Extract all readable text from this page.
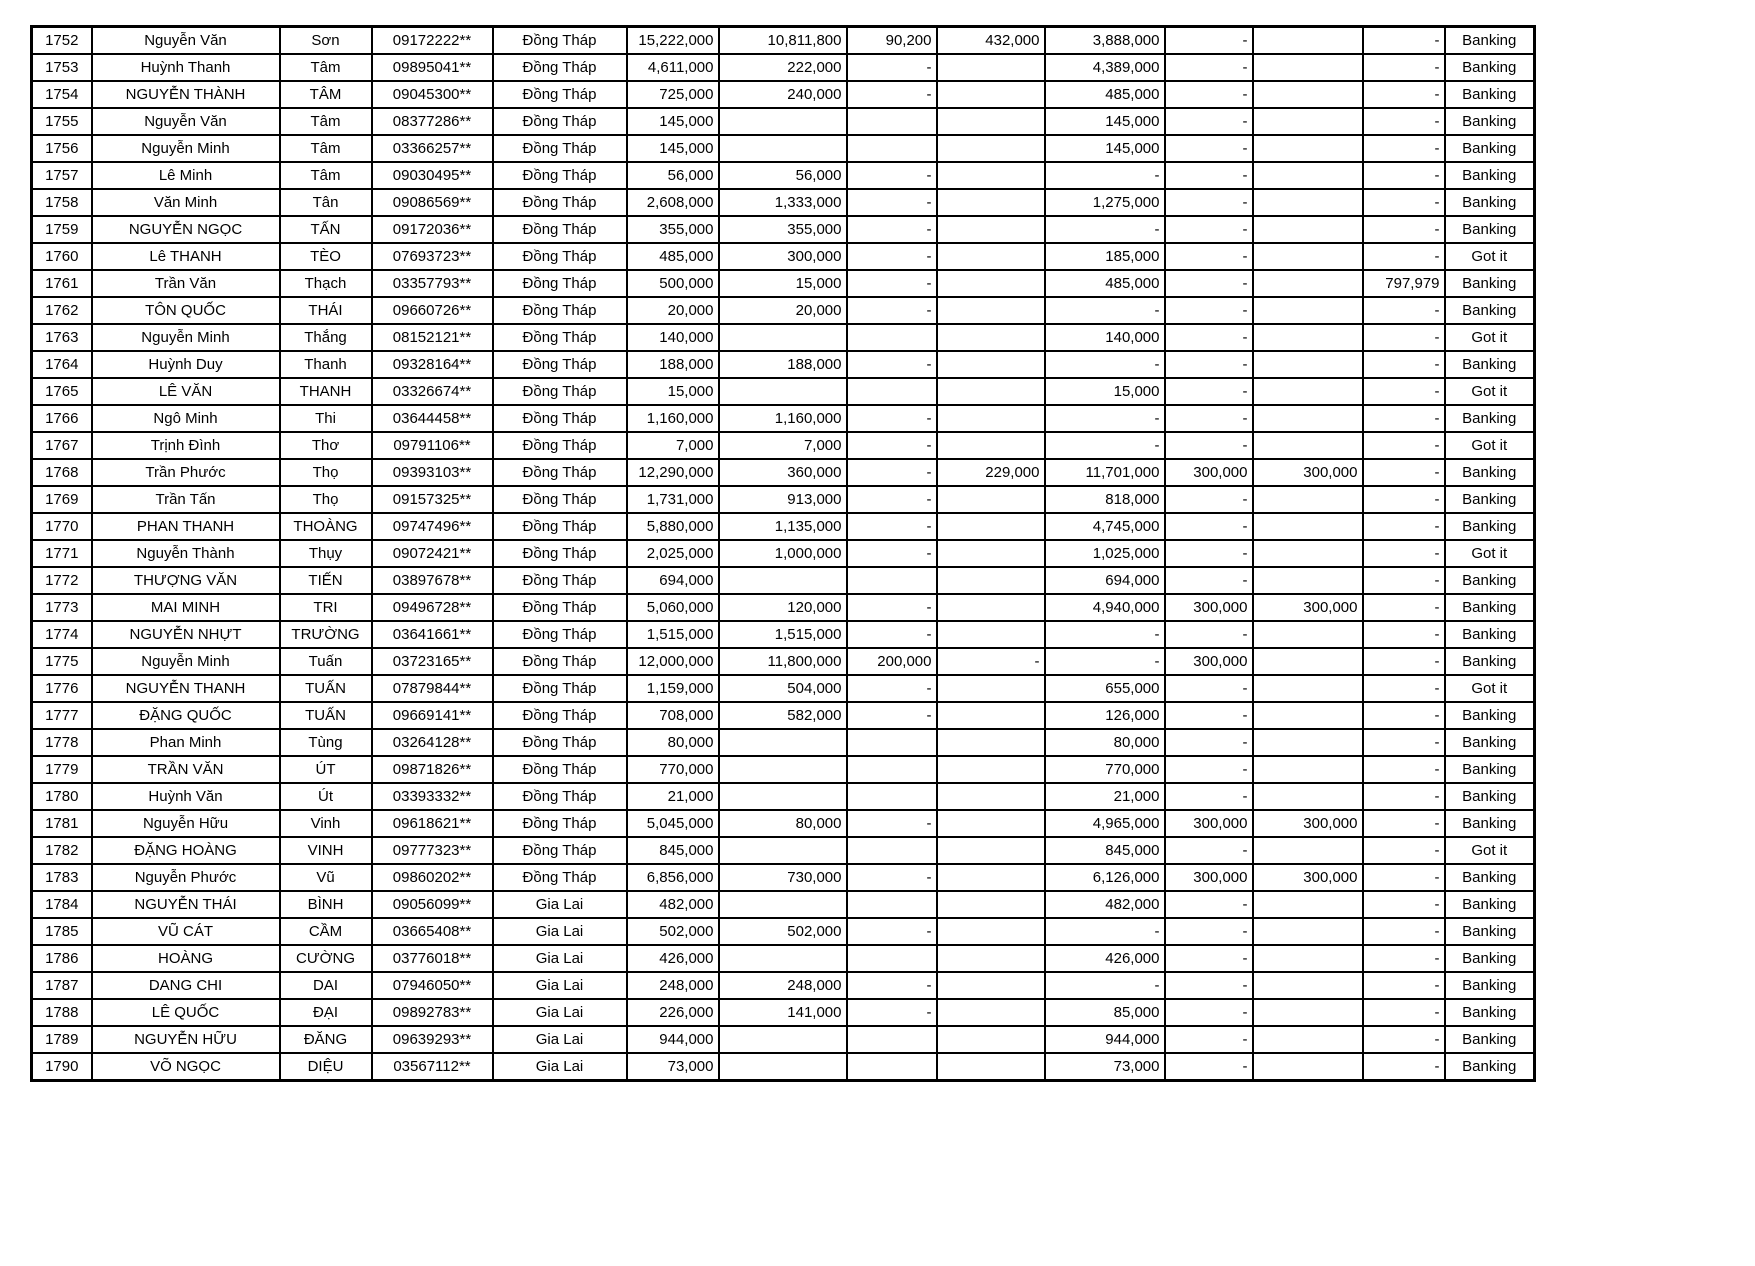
1752	Nguyễn Văn	Sơn	09172222**	Đồng Tháp	15,222,000	10,811,800	90,200	432,000	3,888,000	-		-	Banking
1753	Huỳnh Thanh	Tâm	09895041**	Đồng Tháp	4,611,000	222,000	-		4,389,000	-		-	Banking
1754	NGUYỄN THÀNH	TÂM	09045300**	Đồng Tháp	725,000	240,000	-		485,000	-		-	Banking
1755	Nguyễn Văn	Tâm	08377286**	Đồng Tháp	145,000				145,000	-		-	Banking
1756	Nguyễn Minh	Tâm	03366257**	Đồng Tháp	145,000				145,000	-		-	Banking
1757	Lê Minh	Tâm	09030495**	Đồng Tháp	56,000	56,000	-		-	-		-	Banking
1758	Văn Minh	Tân	09086569**	Đồng Tháp	2,608,000	1,333,000	-		1,275,000	-		-	Banking
1759	NGUYỄN NGỌC	TẤN	09172036**	Đồng Tháp	355,000	355,000	-		-	-		-	Banking
1760	Lê THANH	TÈO	07693723**	Đồng Tháp	485,000	300,000	-		185,000	-		-	Got it
1761	Trần Văn	Thạch	03357793**	Đồng Tháp	500,000	15,000	-		485,000	-		797,979	Banking
1762	TÔN QUỐC	THÁI	09660726**	Đồng Tháp	20,000	20,000	-		-	-		-	Banking
1763	Nguyễn Minh	Thắng	08152121**	Đồng Tháp	140,000				140,000	-		-	Got it
1764	Huỳnh Duy	Thanh	09328164**	Đồng Tháp	188,000	188,000	-		-	-		-	Banking
1765	LÊ VĂN	THANH	03326674**	Đồng Tháp	15,000				15,000	-		-	Got it
1766	Ngô Minh	Thi	03644458**	Đồng Tháp	1,160,000	1,160,000	-		-	-		-	Banking
1767	Trịnh Đình	Thơ	09791106**	Đồng Tháp	7,000	7,000	-		-	-		-	Got it
1768	Trần Phước	Thọ	09393103**	Đồng Tháp	12,290,000	360,000	-	229,000	11,701,000	300,000	300,000	-	Banking
1769	Trần Tấn	Thọ	09157325**	Đồng Tháp	1,731,000	913,000	-		818,000	-		-	Banking
1770	PHAN THANH	THOÀNG	09747496**	Đồng Tháp	5,880,000	1,135,000	-		4,745,000	-		-	Banking
1771	Nguyễn Thành	Thụy	09072421**	Đồng Tháp	2,025,000	1,000,000	-		1,025,000	-		-	Got it
1772	THƯỢNG VĂN	TIẾN	03897678**	Đồng Tháp	694,000				694,000	-		-	Banking
1773	MAI MINH	TRI	09496728**	Đồng Tháp	5,060,000	120,000	-		4,940,000	300,000	300,000	-	Banking
1774	NGUYỄN NHỰT	TRƯỜNG	03641661**	Đồng Tháp	1,515,000	1,515,000	-		-	-		-	Banking
1775	Nguyễn Minh	Tuấn	03723165**	Đồng Tháp	12,000,000	11,800,000	200,000	-	-	300,000		-	Banking
1776	NGUYỄN THANH	TUẤN	07879844**	Đồng Tháp	1,159,000	504,000	-		655,000	-		-	Got it
1777	ĐẶNG QUỐC	TUẤN	09669141**	Đồng Tháp	708,000	582,000	-		126,000	-		-	Banking
1778	Phan Minh	Tùng	03264128**	Đồng Tháp	80,000				80,000	-		-	Banking
1779	TRẦN VĂN	ÚT	09871826**	Đồng Tháp	770,000				770,000	-		-	Banking
1780	Huỳnh Văn	Út	03393332**	Đồng Tháp	21,000				21,000	-		-	Banking
1781	Nguyễn Hữu	Vinh	09618621**	Đồng Tháp	5,045,000	80,000	-		4,965,000	300,000	300,000	-	Banking
1782	ĐẶNG HOÀNG	VINH	09777323**	Đồng Tháp	845,000				845,000	-		-	Got it
1783	Nguyễn Phước	Vũ	09860202**	Đồng Tháp	6,856,000	730,000	-		6,126,000	300,000	300,000	-	Banking
1784	NGUYỄN THÁI	BÌNH	09056099**	Gia Lai	482,000				482,000	-		-	Banking
1785	VŨ CÁT	CẦM	03665408**	Gia Lai	502,000	502,000	-		-	-		-	Banking
1786	HOÀNG	CƯỜNG	03776018**	Gia Lai	426,000				426,000	-		-	Banking
1787	DANG CHI	DAI	07946050**	Gia Lai	248,000	248,000	-		-	-		-	Banking
1788	LÊ QUỐC	ĐẠI	09892783**	Gia Lai	226,000	141,000	-		85,000	-		-	Banking
1789	NGUYỄN HỮU	ĐĂNG	09639293**	Gia Lai	944,000				944,000	-		-	Banking
1790	VÕ NGỌC	DIỆU	03567112**	Gia Lai	73,000				73,000	-		-	Banking
